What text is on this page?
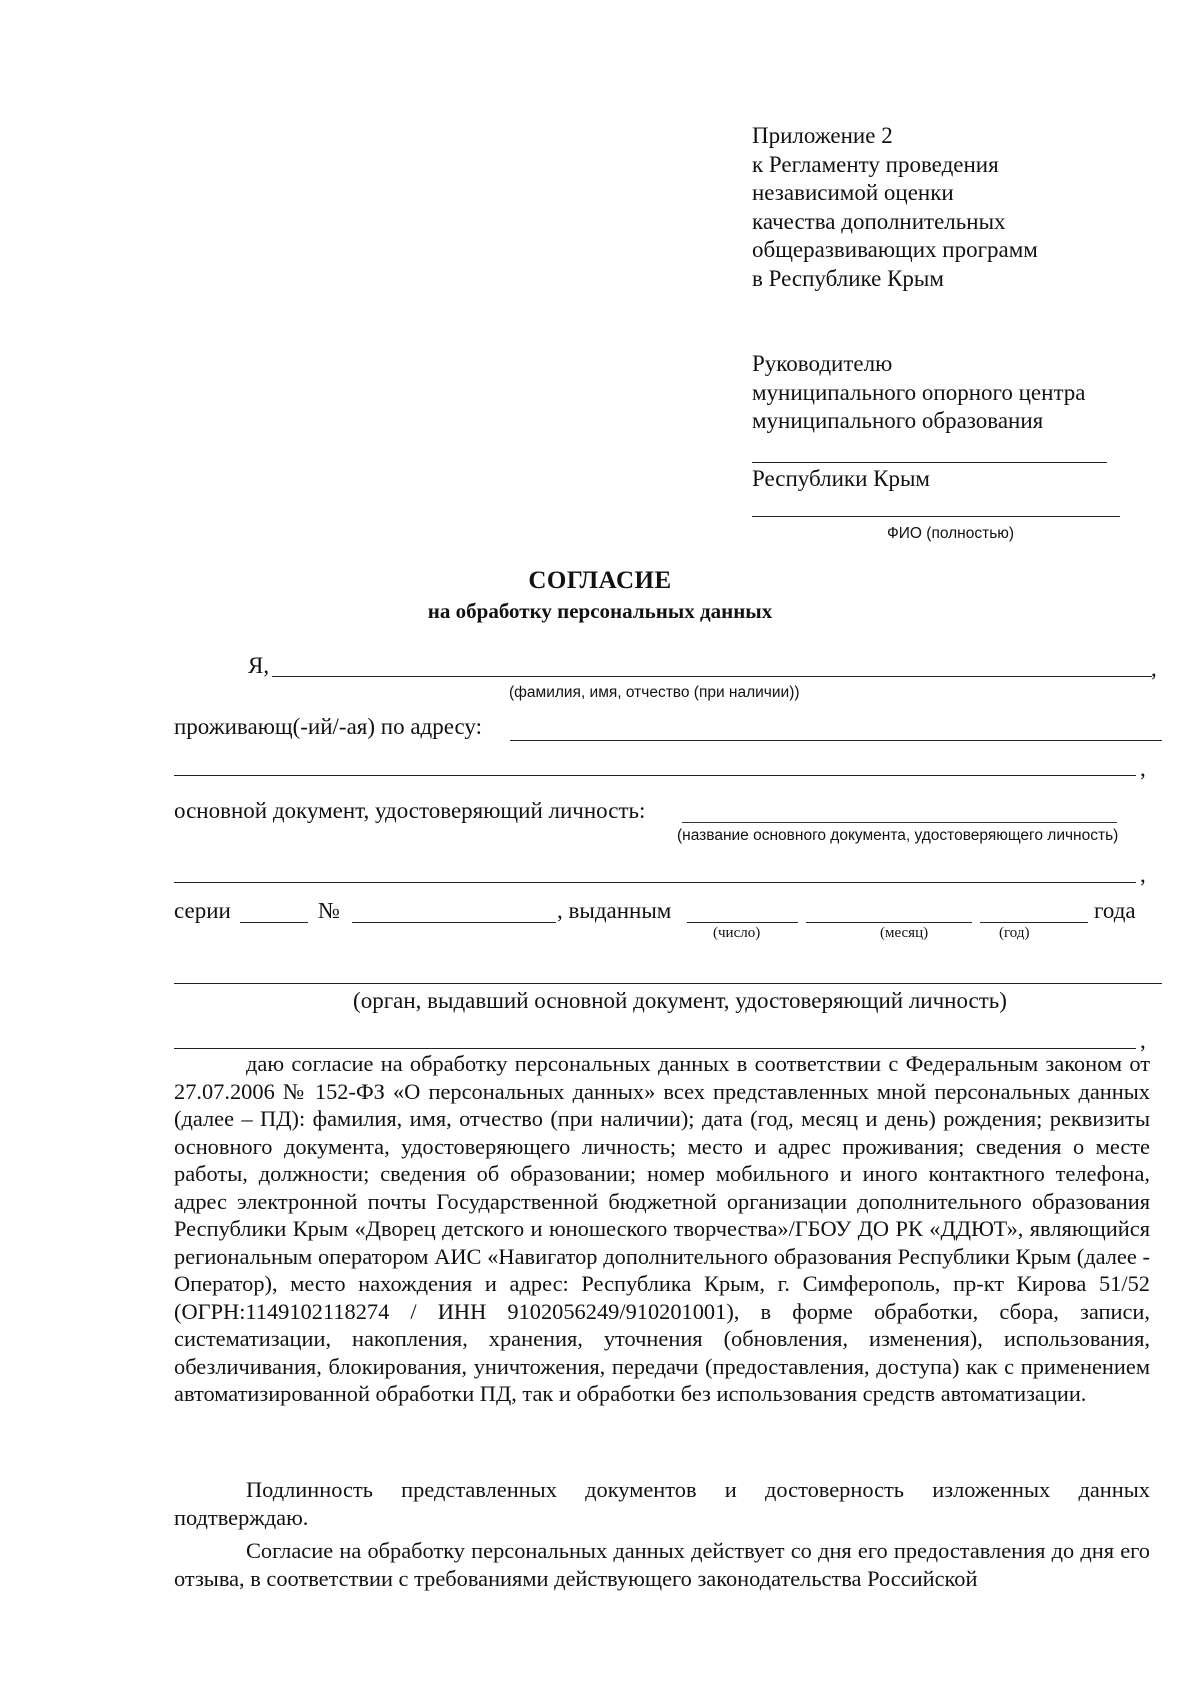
Приложение 2
к Регламенту проведения
независимой оценки
качества дополнительных
общеразвивающих программ
в Республике Крым
Руководителю
муниципального опорного центра
муниципального образования
Республики Крым
ФИО (полностью)
СОГЛАСИЕ
на обработку персональных данных
Я,	,
(фамилия, имя, отчество (при наличии))
проживающ(-ий/-ая) по адресу:
,
основной документ, удостоверяющий личность:
(название основного документа, удостоверяющего личность)
,
серии	№	, выданным	года
(число)	(месяц)	(год)
(орган, выдавший основной документ, удостоверяющий личность)
,
даю согласие на обработку персональных данных в соответствии с Федеральным законом от 27.07.2006 № 152-ФЗ «О персональных данных» всех представленных мной персональных данных (далее – ПД): фамилия, имя, отчество (при наличии); дата (год, месяц и день) рождения; реквизиты основного документа, удостоверяющего личность; место и адрес проживания; сведения о месте работы, должности; сведения об образовании; номер мобильного и иного контактного телефона, адрес электронной почты Государственной бюджетной организации дополнительного образования Республики Крым «Дворец детского и юношеского творчества»/ГБОУ ДО РК «ДДЮТ», являющийся региональным оператором АИС «Навигатор дополнительного образования Республики Крым (далее - Оператор), место нахождения и адрес: Республика Крым, г. Симферополь, пр-кт Кирова 51/52 (ОГРН:1149102118274 / ИНН 9102056249/910201001), в форме обработки, сбора, записи, систематизации, накопления, хранения, уточнения (обновления, изменения), использования, обезличивания, блокирования, уничтожения, передачи (предоставления, доступа) как с применением автоматизированной обработки ПД, так и обработки без использования средств автоматизации.
Подлинность представленных документов и достоверность изложенных данных подтверждаю.
Согласие на обработку персональных данных действует со дня его предоставления до дня его отзыва, в соответствии с требованиями действующего законодательства Российской
